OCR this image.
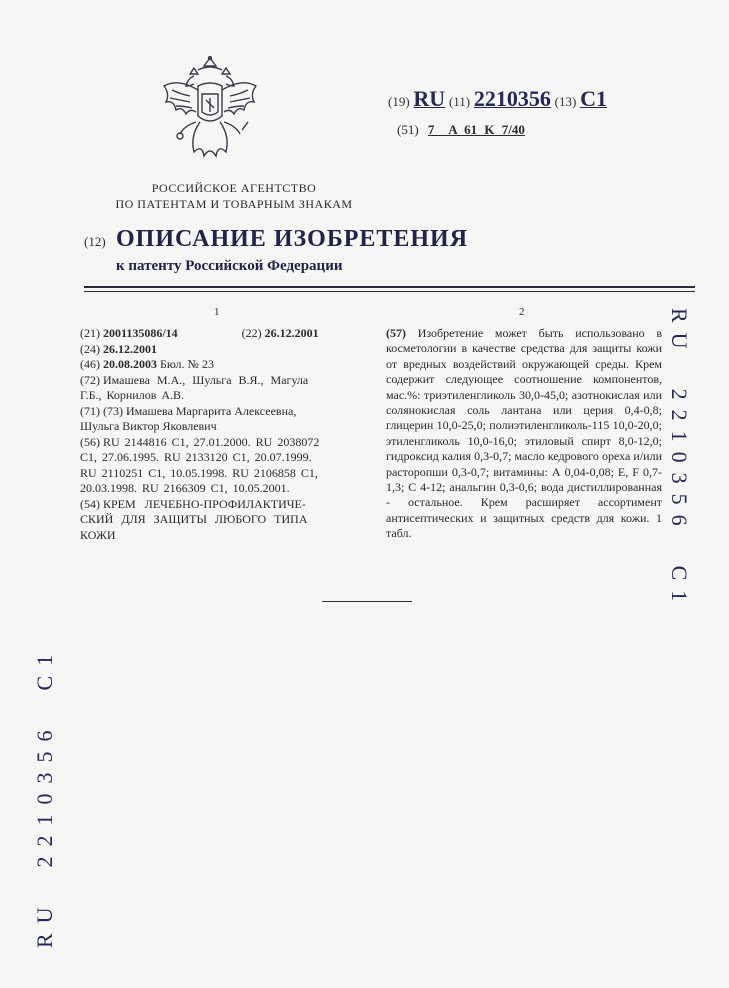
(19) RU (11) 2210356 (13) C1
(51) 7  A 61 K 7/40
РОССИЙСКОЕ АГЕНТСТВО
ПО ПАТЕНТАМ И ТОВАРНЫМ ЗНАКАМ
(12) ОПИСАНИЕ ИЗОБРЕТЕНИЯ
к патенту Российской Федерации
1	2
(21) 2001135086/14	(22) 26.12.2001
(24) 26.12.2001
(46) 20.08.2003 Бюл. № 23
(72) Имашева М.А., Шульга В.Я., Магула
Г.Б., Корнилов А.В.
(71) (73) Имашева Маргарита Алексеевна,
Шульга Виктор Яковлевич
(56) RU 2144816 C1, 27.01.2000. RU 2038072
C1, 27.06.1995. RU 2133120 C1, 20.07.1999.
RU 2110251 C1, 10.05.1998. RU 2106858 C1,
20.03.1998. RU 2166309 C1, 10.05.2001.
(54) КРЕМ ЛЕЧЕБНО-ПРОФИЛАКТИЧЕ-
СКИЙ ДЛЯ ЗАЩИТЫ ЛЮБОГО ТИПА
КОЖИ
(57) Изобретение может быть использовано в косметологии в качестве средства для защиты кожи от вредных воздействий окружающей среды. Крем содержит следующее соотношение компонентов, мас.%: триэтиленгликоль 30,0-45,0; азотнокислая или солянокислая соль лантана или церия 0,4-0,8; глицерин 10,0-25,0; полиэтиленгликоль-115 10,0-20,0; этиленгликоль 10,0-16,0; этиловый спирт 8,0-12,0; гидроксид калия 0,3-0,7; масло кедрового ореха и/или расторопши 0,3-0,7; витамины: А 0,04-0,08; Е, F 0,7-1,3; С 4-12; анальгин 0,3-0,6; вода дистиллированная - остальное. Крем расширяет ассортимент антисептических и защитных средств для кожи. 1 табл.
RU2210356C1
RU2210356C1
